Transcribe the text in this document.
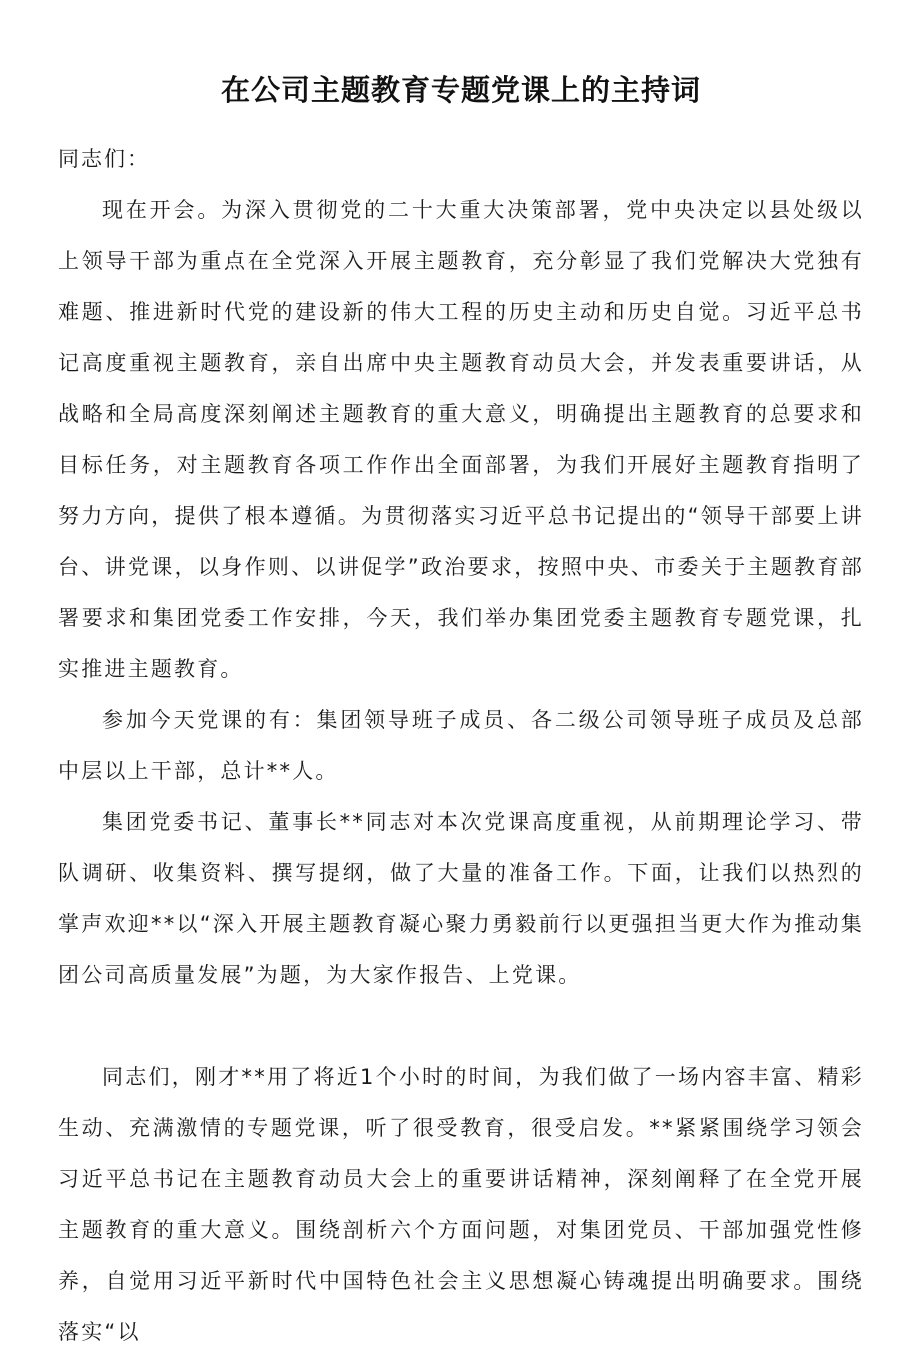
在公司主题教育专题党课上的主持词

同志们：

现在开会。为深入贯彻党的二十大重大决策部署，党中央决定以县处级以上领导干部为重点在全党深入开展主题教育，充分彰显了我们党解决大党独有难题、推进新时代党的建设新的伟大工程的历史主动和历史自觉。习近平总书记高度重视主题教育，亲自出席中央主题教育动员大会，并发表重要讲话，从战略和全局高度深刻阐述主题教育的重大意义，明确提出主题教育的总要求和目标任务，对主题教育各项工作作出全面部署，为我们开展好主题教育指明了努力方向，提供了根本遵循。为贯彻落实习近平总书记提出的“领导干部要上讲台、讲党课，以身作则、以讲促学”政治要求，按照中央、市委关于主题教育部署要求和集团党委工作安排，今天，我们举办集团党委主题教育专题党课，扎实推进主题教育。

参加今天党课的有：集团领导班子成员、各二级公司领导班子成员及总部中层以上干部，总计**人。

集团党委书记、董事长**同志对本次党课高度重视，从前期理论学习、带队调研、收集资料、撰写提纲，做了大量的准备工作。下面，让我们以热烈的掌声欢迎**以“深入开展主题教育凝心聚力勇毅前行以更强担当更大作为推动集团公司高质量发展”为题，为大家作报告、上党课。

同志们，刚才**用了将近1个小时的时间，为我们做了一场内容丰富、精彩生动、充满激情的专题党课，听了很受教育，很受启发。**紧紧围绕学习领会习近平总书记在主题教育动员大会上的重要讲话精神，深刻阐释了在全党开展主题教育的重大意义。围绕剖析六个方面问题，对集团党员、干部加强党性修养，自觉用习近平新时代中国特色社会主义思想凝心铸魂提出明确要求。围绕落实“以
